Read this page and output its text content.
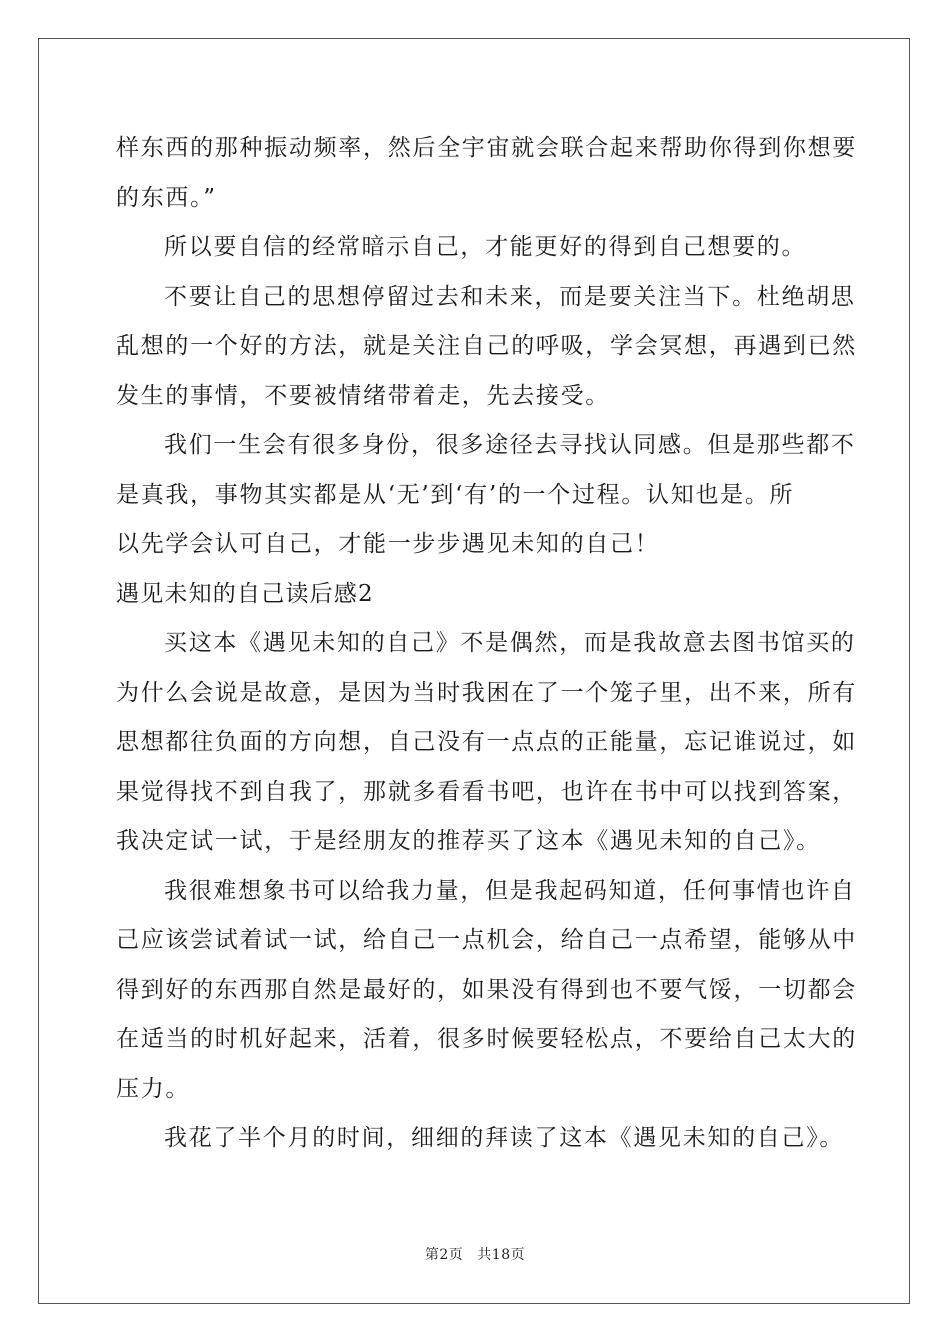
样东西的那种振动频率，然后全宇宙就会联合起来帮助你得到你想要
的东西。”
所以要自信的经常暗示自己，才能更好的得到自己想要的。
不要让自己的思想停留过去和未来，而是要关注当下。杜绝胡思
乱想的一个好的方法，就是关注自己的呼吸，学会冥想，再遇到已然
发生的事情，不要被情绪带着走，先去接受。
我们一生会有很多身份，很多途径去寻找认同感。但是那些都不
是真我，事物其实都是从‘无’到‘有’的一个过程。认知也是。所
以先学会认可自己，才能一步步遇见未知的自己！
遇见未知的自己读后感2
买这本《遇见未知的自己》不是偶然，而是我故意去图书馆买的
为什么会说是故意，是因为当时我困在了一个笼子里，出不来，所有
思想都往负面的方向想，自己没有一点点的正能量，忘记谁说过，如
果觉得找不到自我了，那就多看看书吧，也许在书中可以找到答案，
我决定试一试，于是经朋友的推荐买了这本《遇见未知的自己》。
我很难想象书可以给我力量，但是我起码知道，任何事情也许自
己应该尝试着试一试，给自己一点机会，给自己一点希望，能够从中
得到好的东西那自然是最好的，如果没有得到也不要气馁，一切都会
在适当的时机好起来，活着，很多时候要轻松点，不要给自己太大的
压力。
我花了半个月的时间，细细的拜读了这本《遇见未知的自己》。
第2页 共18页
